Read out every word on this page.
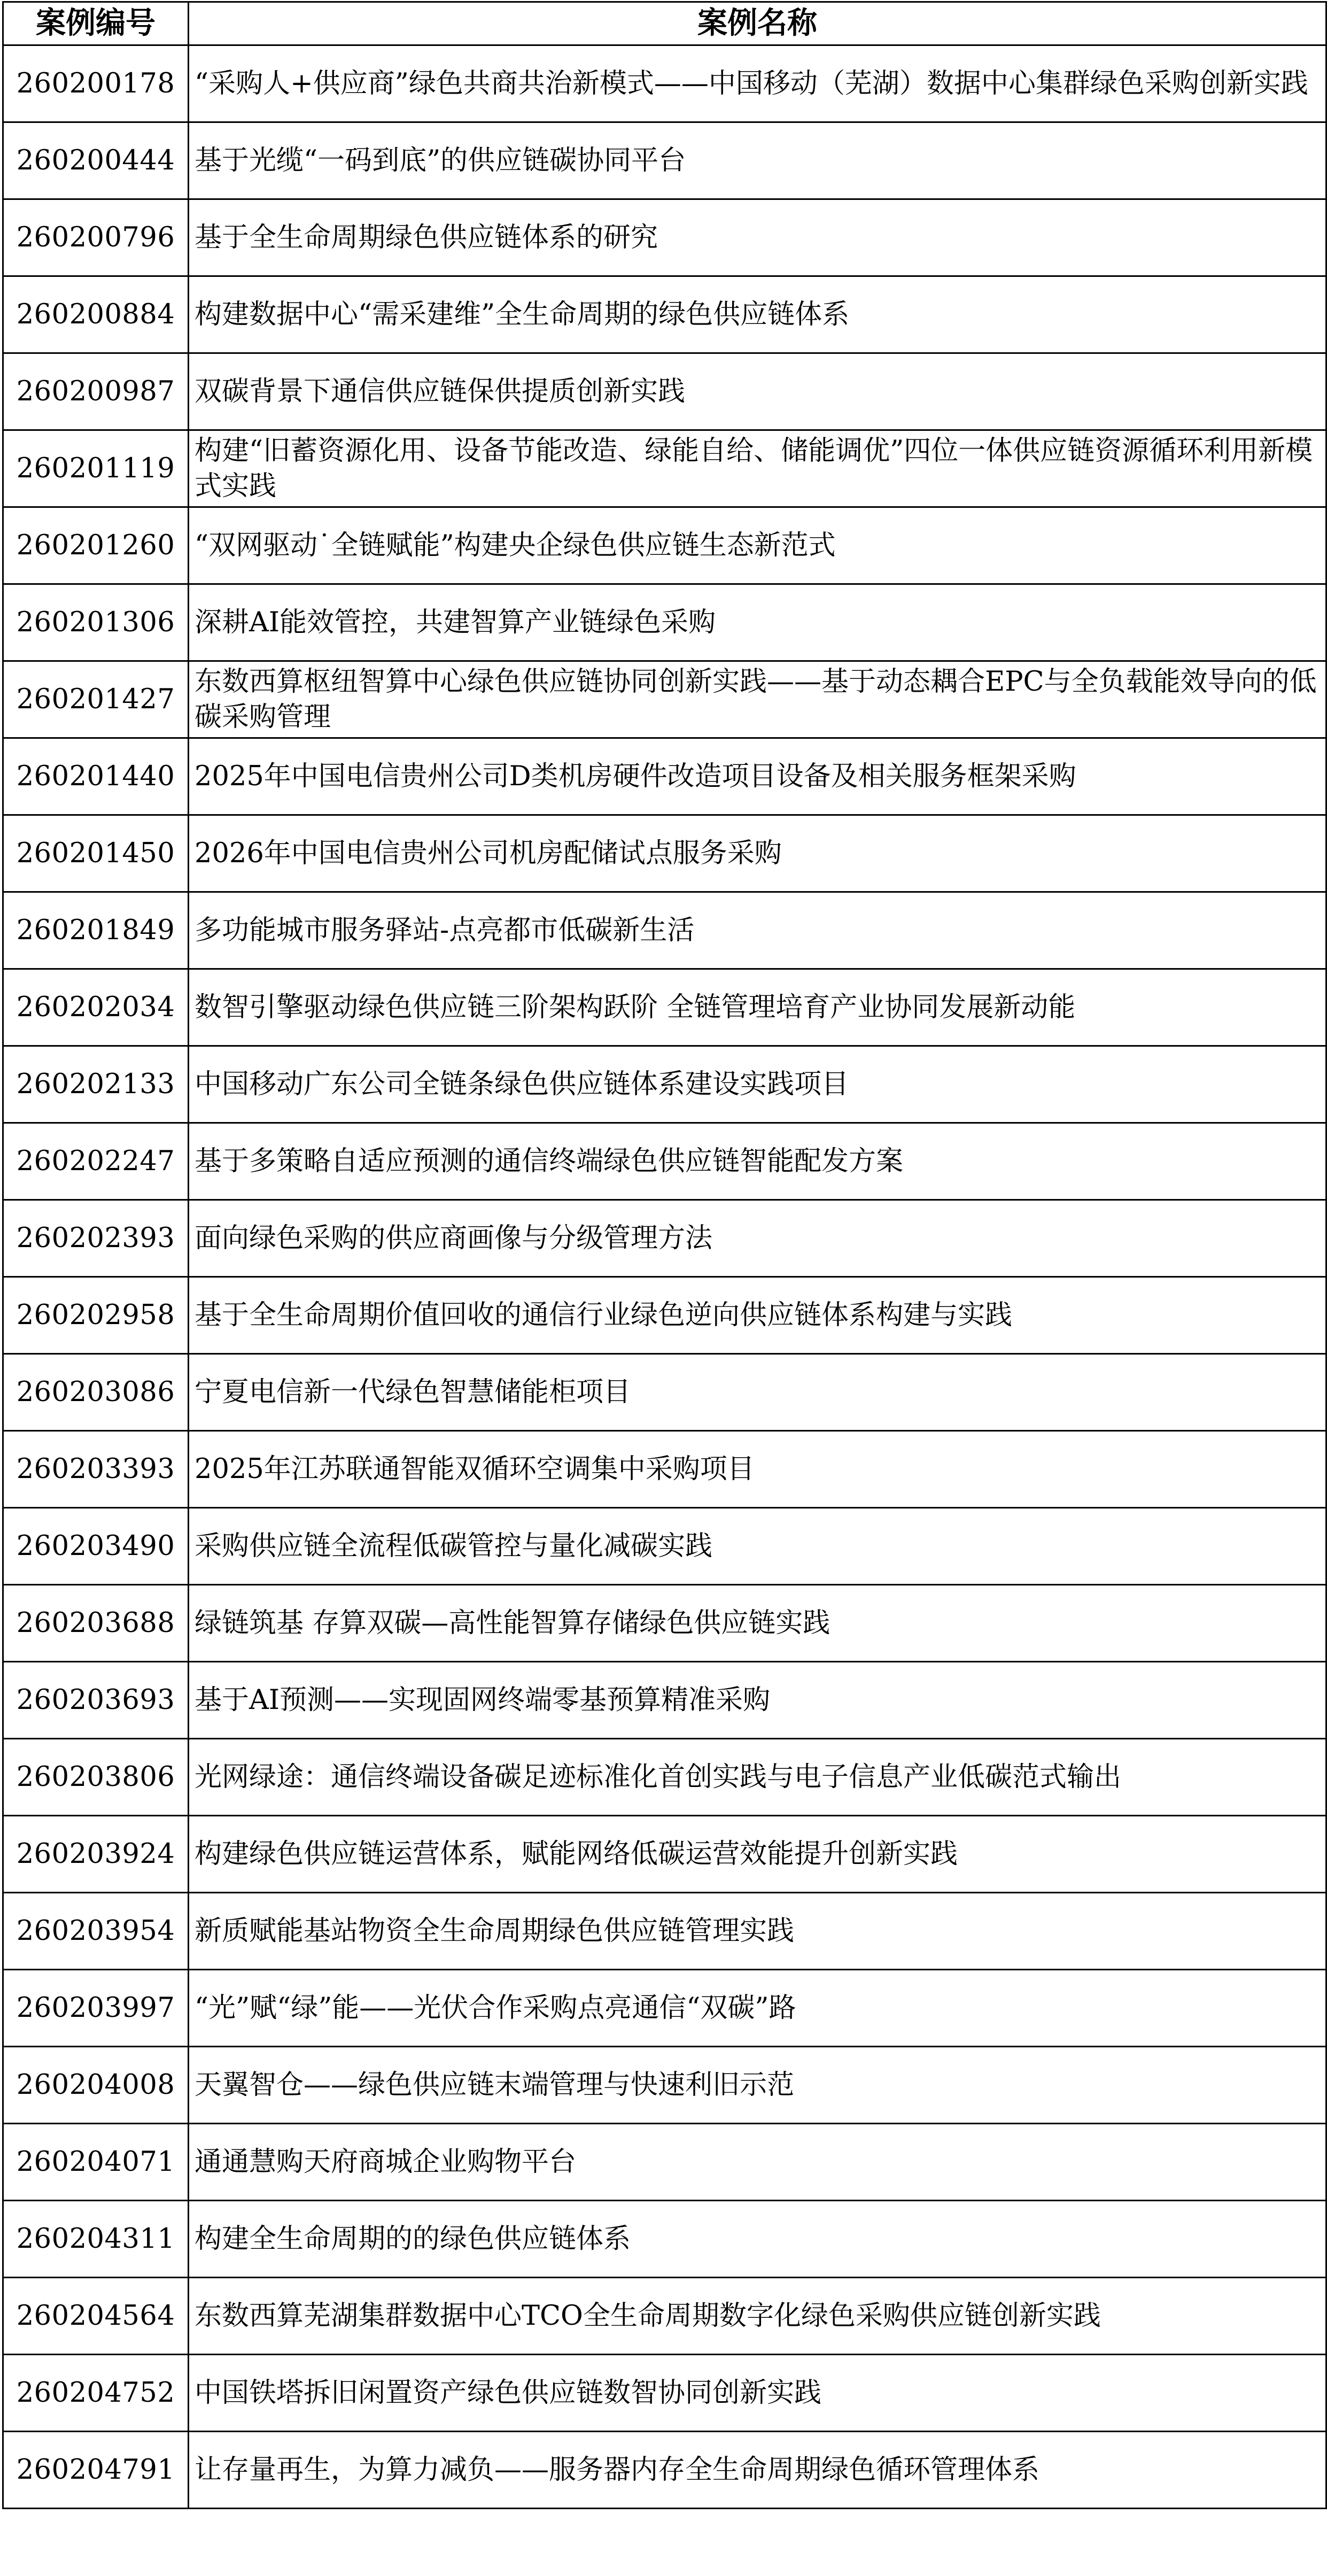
案例编号	案例名称
260200178	“采购人+供应商”绿色共商共治新模式——中国移动（芜湖）数据中心集群绿色采购创新实践
260200444	基于光缆“一码到底”的供应链碳协同平台
260200796	基于全生命周期绿色供应链体系的研究
260200884	构建数据中心“需采建维”全生命周期的绿色供应链体系
260200987	双碳背景下通信供应链保供提质创新实践
260201119	构建“旧蓄资源化用、设备节能改造、绿能自给、储能调优”四位一体供应链资源循环利用新模式实践
260201260	“双网驱动˙全链赋能”构建央企绿色供应链生态新范式
260201306	深耕AI能效管控，共建智算产业链绿色采购
260201427	东数西算枢纽智算中心绿色供应链协同创新实践——基于动态耦合EPC与全负载能效导向的低碳采购管理
260201440	2025年中国电信贵州公司D类机房硬件改造项目设备及相关服务框架采购
260201450	2026年中国电信贵州公司机房配储试点服务采购
260201849	多功能城市服务驿站-点亮都市低碳新生活
260202034	数智引擎驱动绿色供应链三阶架构跃阶 全链管理培育产业协同发展新动能
260202133	中国移动广东公司全链条绿色供应链体系建设实践项目
260202247	基于多策略自适应预测的通信终端绿色供应链智能配发方案
260202393	面向绿色采购的供应商画像与分级管理方法
260202958	基于全生命周期价值回收的通信行业绿色逆向供应链体系构建与实践
260203086	宁夏电信新一代绿色智慧储能柜项目
260203393	2025年江苏联通智能双循环空调集中采购项目
260203490	采购供应链全流程低碳管控与量化减碳实践
260203688	绿链筑基 存算双碳—高性能智算存储绿色供应链实践
260203693	基于AI预测——实现固网终端零基预算精准采购
260203806	光网绿途：通信终端设备碳足迹标准化首创实践与电子信息产业低碳范式输出
260203924	构建绿色供应链运营体系，赋能网络低碳运营效能提升创新实践
260203954	新质赋能基站物资全生命周期绿色供应链管理实践
260203997	“光”赋“绿”能——光伏合作采购点亮通信“双碳”路
260204008	天翼智仓——绿色供应链末端管理与快速利旧示范
260204071	通通慧购天府商城企业购物平台
260204311	构建全生命周期的的绿色供应链体系
260204564	东数西算芜湖集群数据中心TCO全生命周期数字化绿色采购供应链创新实践
260204752	中国铁塔拆旧闲置资产绿色供应链数智协同创新实践
260204791	让存量再生，为算力减负——服务器内存全生命周期绿色循环管理体系
